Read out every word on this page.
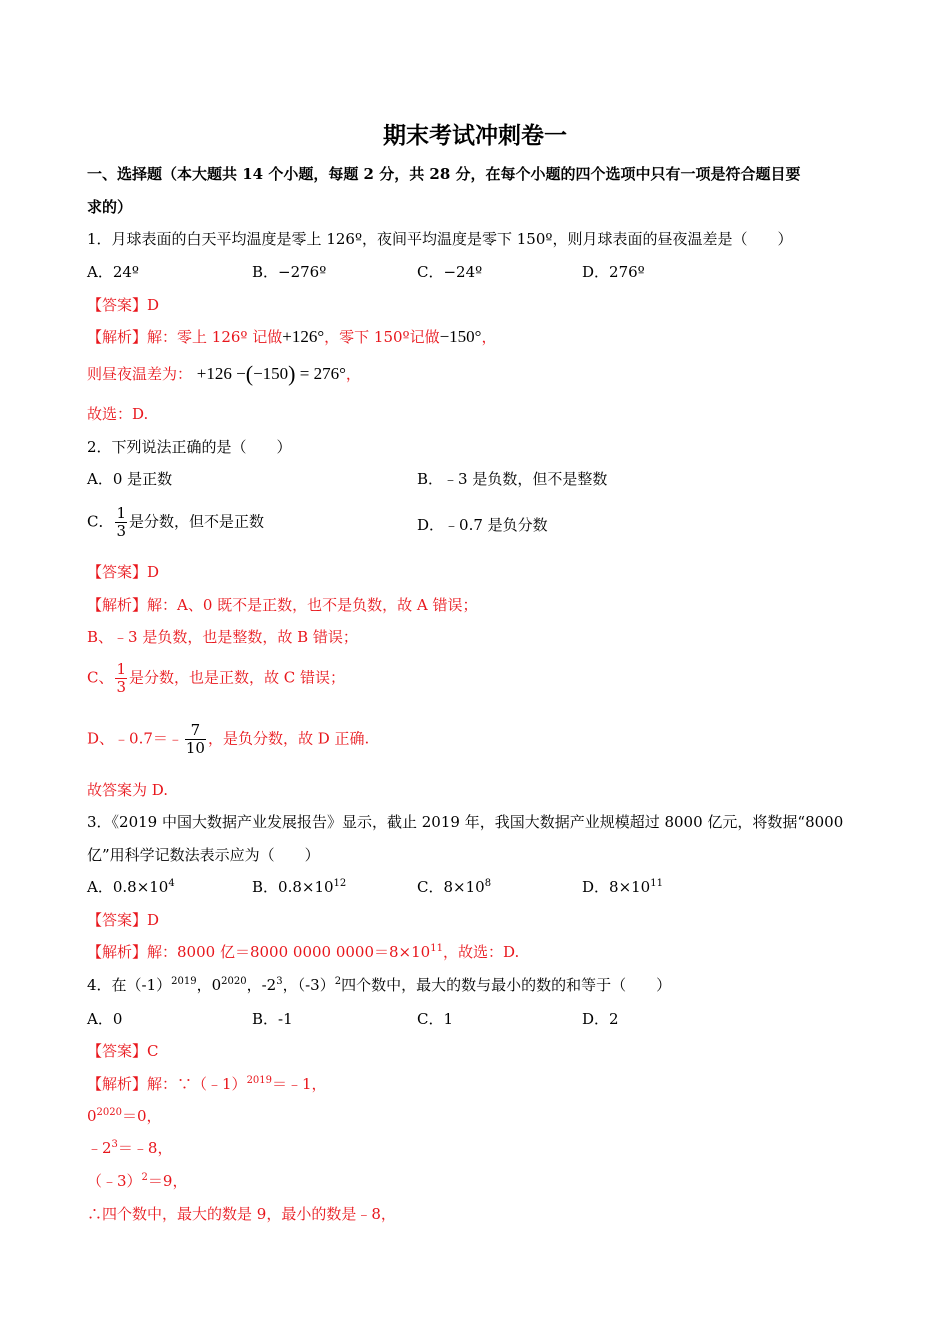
期末考试冲刺卷一
一、选择题（本大题共 14 个小题，每题 2 分，共 28 分，在每个小题的四个选项中只有一项是符合题目要
求的）
1．月球表面的白天平均温度是零上 126º，夜间平均温度是零下 150º，则月球表面的昼夜温差是（　　）
A．24º	B．−276º	C．−24º	D．276º
【答案】D
【解析】解：零上 126º 记做+126°，零下 150º记做−150°，
则昼夜温差为： +126 −(−150) = 276°，
故选：D.
2．下列说法正确的是（　　）
A．0 是正数	B．﹣3 是负数，但不是整数
C． $\frac{1}{3}$ 是分数，但不是正数	D．﹣0.7 是负分数
【答案】D
【解析】解：A、0 既不是正数，也不是负数，故 A 错误；
B、﹣3 是负数，也是整数，故 B 错误；
C、 $\frac{1}{3}$ 是分数，也是正数，故 C 错误；
D、﹣0.7＝﹣ $\frac{7}{10}$ ，是负分数，故 D 正确.
故答案为 D.
3．《2019 中国大数据产业发展报告》显示，截止 2019 年，我国大数据产业规模超过 8000 亿元，将数据“8000
亿”用科学记数法表示应为（　　）
A．$0.8\times 10^4$	B．$0.8\times 10^{12}$	C．$8\times 10^8$	D．$8\times 10^{11}$
【答案】D
【解析】解：8000 亿＝8000 0000 $0000=8\times 10^{11}$，故选：D.
4．在$(-1)^{2019}$，$0^{2020}$，$-2^3$，$(-3)^2$四个数中，最大的数与最小的数的和等于（　　）
A．0	B．-1	C．1	D．2
【答案】C
【解析】解：∵（﹣1）$^{2019}$＝﹣1，
$0^{2020}=0$，
$﹣2^3=﹣8$，
（﹣3）$^2$＝9，
∴四个数中，最大的数是 9，最小的数是﹣8，
